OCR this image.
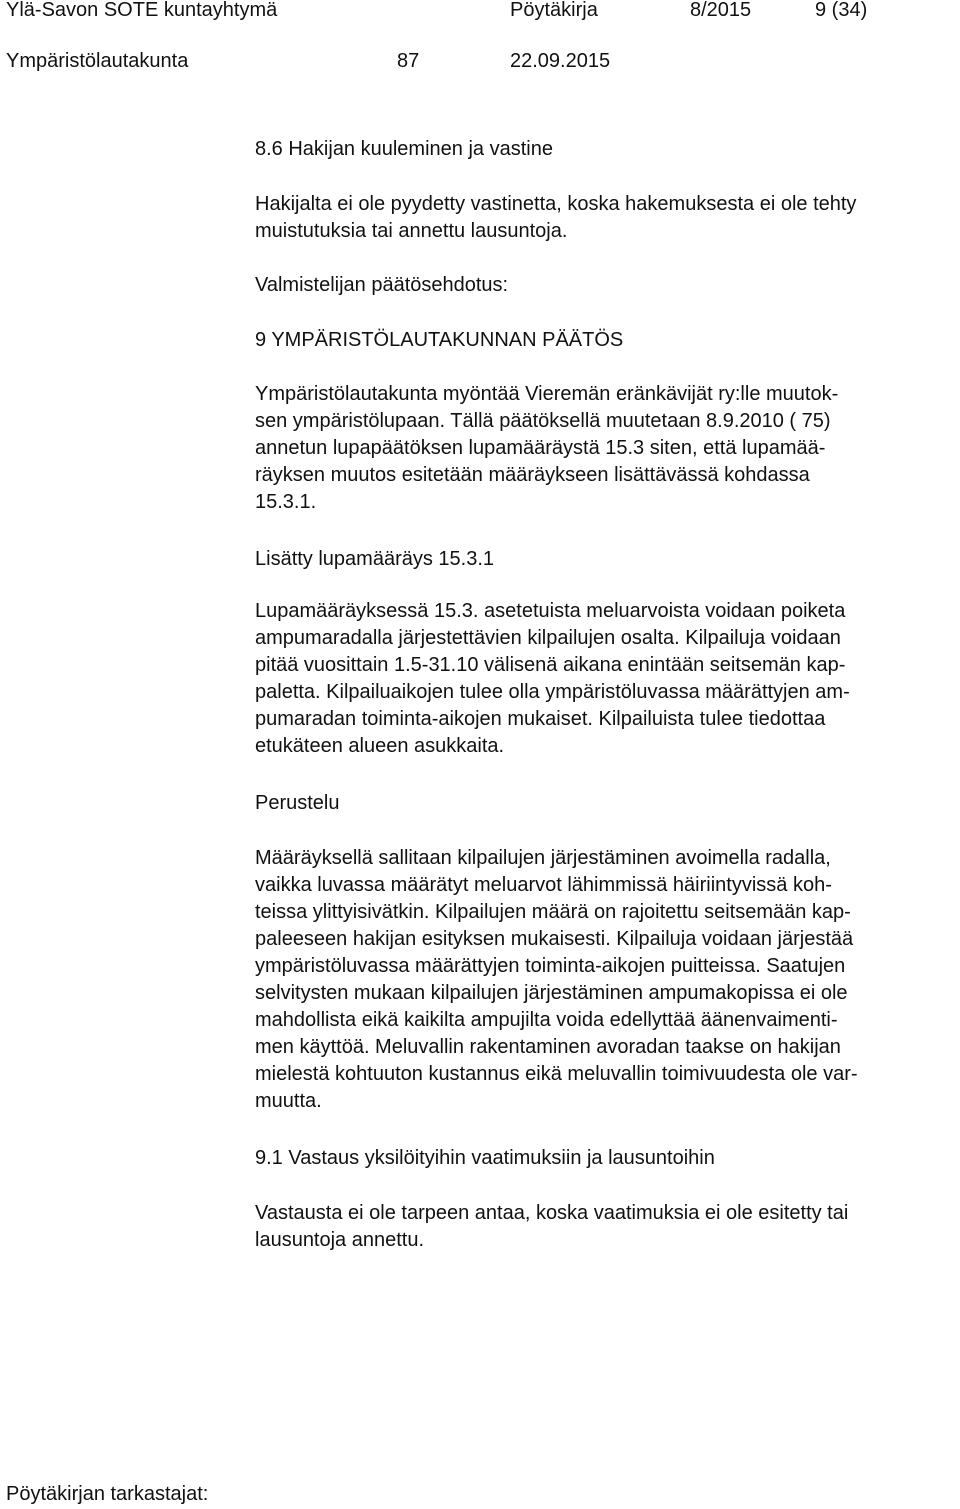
Ylä-Savon SOTE kuntayhtymä	Pöytäkirja	8/2015	9 (34)
Ympäristölautakunta	87	22.09.2015
8.6 Hakijan kuuleminen ja vastine
Hakijalta ei ole pyydetty vastinetta, koska hakemuksesta ei ole tehty
muistutuksia tai annettu lausuntoja.
Valmistelijan päätösehdotus:
9 YMPÄRISTÖLAUTAKUNNAN PÄÄTÖS
Ympäristölautakunta myöntää Vieremän eränkävijät ry:lle muutok-
sen ympäristölupaan. Tällä päätöksellä muutetaan 8.9.2010 ( 75)
annetun lupapäätöksen lupamääräystä 15.3 siten, että lupamää-
räyksen muutos esitetään määräykseen lisättävässä kohdassa
15.3.1.
Lisätty lupamääräys 15.3.1
Lupamääräyksessä 15.3. asetetuista meluarvoista voidaan poiketa
ampumaradalla järjestettävien kilpailujen osalta. Kilpailuja voidaan
pitää vuosittain 1.5-31.10 välisenä aikana enintään seitsemän kap-
paletta. Kilpailuaikojen tulee olla ympäristöluvassa määrättyjen am-
pumaradan toiminta-aikojen mukaiset. Kilpailuista tulee tiedottaa
etukäteen alueen asukkaita.
Perustelu
Määräyksellä sallitaan kilpailujen järjestäminen avoimella radalla,
vaikka luvassa määrätyt meluarvot lähimmissä häiriintyvissä koh-
teissa ylittyisivätkin. Kilpailujen määrä on rajoitettu seitsemään kap-
paleeseen hakijan esityksen mukaisesti. Kilpailuja voidaan järjestää
ympäristöluvassa määrättyjen toiminta-aikojen puitteissa. Saatujen
selvitysten mukaan kilpailujen järjestäminen ampumakopissa ei ole
mahdollista eikä kaikilta ampujilta voida edellyttää äänenvaimenti-
men käyttöä. Meluvallin rakentaminen avoradan taakse on hakijan
mielestä kohtuuton kustannus eikä meluvallin toimivuudesta ole var-
muutta.
9.1 Vastaus yksilöityihin vaatimuksiin ja lausuntoihin
Vastausta ei ole tarpeen antaa, koska vaatimuksia ei ole esitetty tai
lausuntoja annettu.
Pöytäkirjan tarkastajat:
